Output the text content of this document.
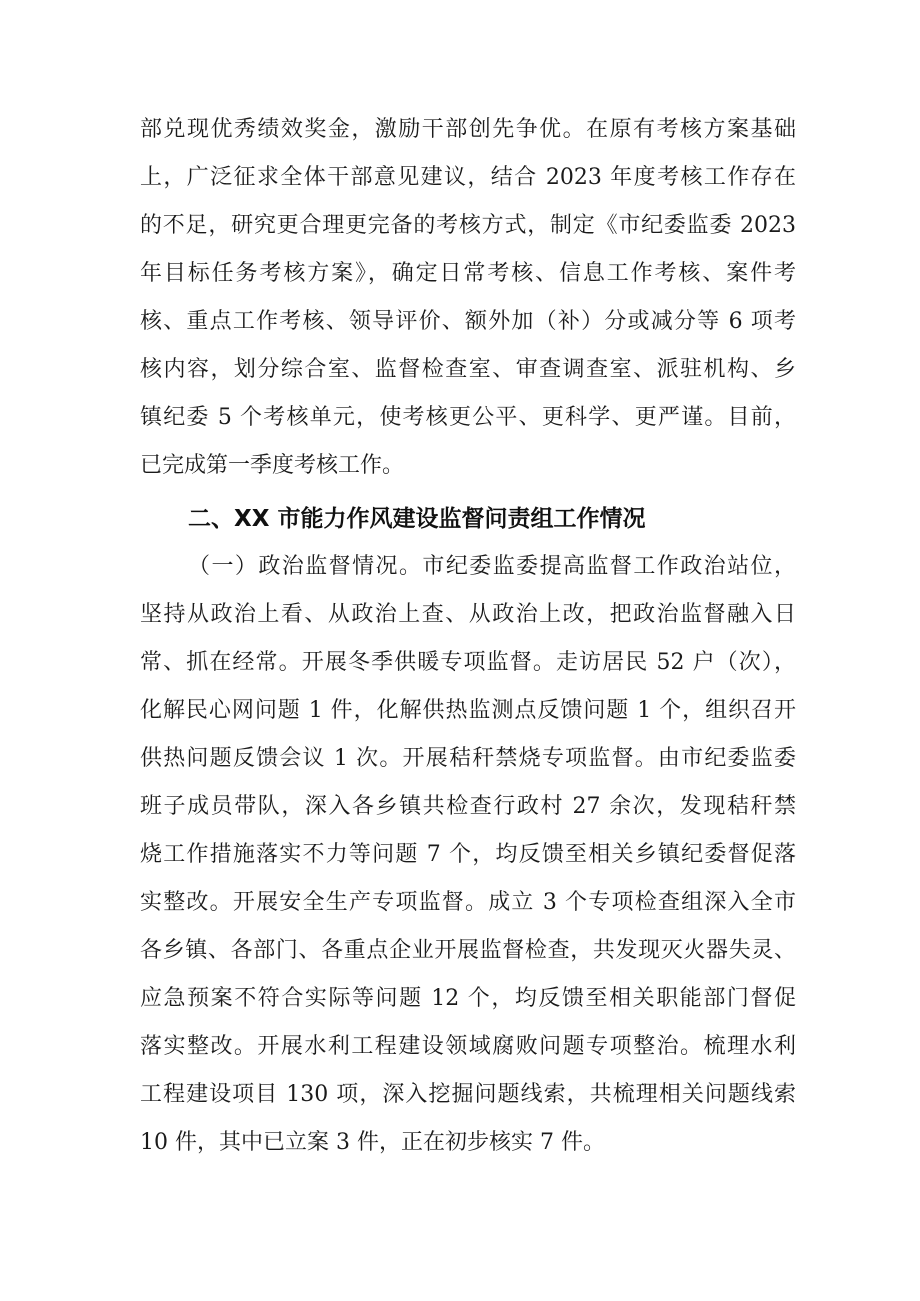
部兑现优秀绩效奖金，激励干部创先争优。在原有考核方案基础
上，广泛征求全体干部意见建议，结合 2023 年度考核工作存在
的不足，研究更合理更完备的考核方式，制定《市纪委监委 2023
年目标任务考核方案》，确定日常考核、信息工作考核、案件考
核、重点工作考核、领导评价、额外加（补）分或减分等 6 项考
核内容，划分综合室、监督检查室、审查调查室、派驻机构、乡
镇纪委 5 个考核单元，使考核更公平、更科学、更严谨。目前，
已完成第一季度考核工作。
二、XX 市能力作风建设监督问责组工作情况
（一）政治监督情况。市纪委监委提高监督工作政治站位，
坚持从政治上看、从政治上查、从政治上改，把政治监督融入日
常、抓在经常。开展冬季供暖专项监督。走访居民 52 户（次），
化解民心网问题 1 件，化解供热监测点反馈问题 1 个，组织召开
供热问题反馈会议 1 次。开展秸秆禁烧专项监督。由市纪委监委
班子成员带队，深入各乡镇共检查行政村 27 余次，发现秸秆禁
烧工作措施落实不力等问题 7 个，均反馈至相关乡镇纪委督促落
实整改。开展安全生产专项监督。成立 3 个专项检查组深入全市
各乡镇、各部门、各重点企业开展监督检查，共发现灭火器失灵、
应急预案不符合实际等问题 12 个，均反馈至相关职能部门督促
落实整改。开展水利工程建设领域腐败问题专项整治。梳理水利
工程建设项目 130 项，深入挖掘问题线索，共梳理相关问题线索
10 件，其中已立案 3 件，正在初步核实 7 件。
